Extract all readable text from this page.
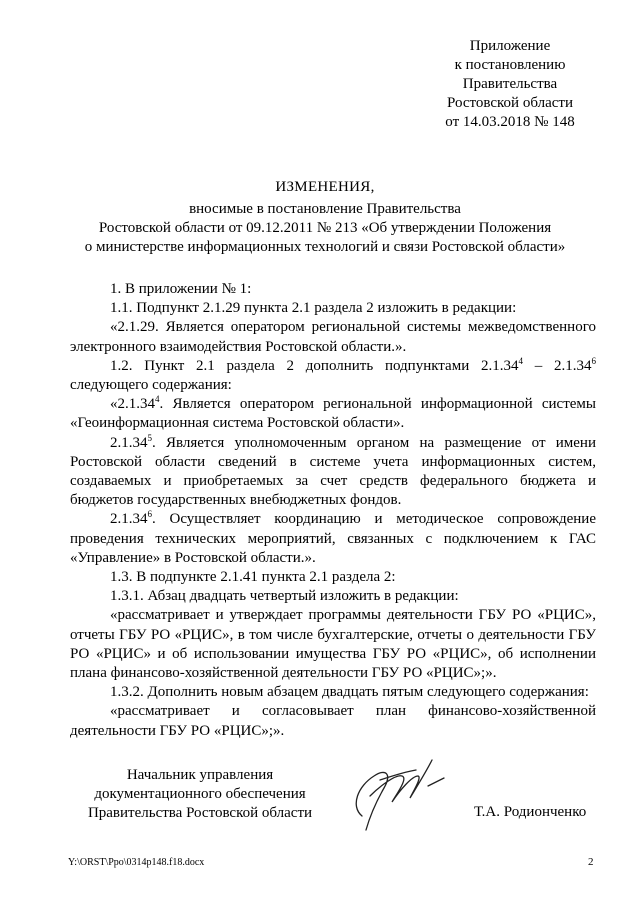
Приложение
к постановлению
Правительства
Ростовской области
от 14.03.2018 № 148
ИЗМЕНЕНИЯ,
вносимые в постановление Правительства
Ростовской области от 09.12.2011 № 213 «Об утверждении Положения
о министерстве информационных технологий и связи Ростовской области»

1. В приложении № 1:

1.1. Подпункт 2.1.29 пункта 2.1 раздела 2 изложить в редакции:

«2.1.29. Является оператором региональной системы межведомственного электронного взаимодействия Ростовской области.».

1.2. Пункт 2.1 раздела 2 дополнить подпунктами 2.1.34$^4$ – 2.1.34$^6$ следующего содержания:

«2.1.34$^4$. Является оператором региональной информационной системы «Геоинформационная система Ростовской области».

2.1.34$^5$. Является уполномоченным органом на размещение от имени Ростовской области сведений в системе учета информационных систем, создаваемых и приобретаемых за счет средств федерального бюджета и бюджетов государственных внебюджетных фондов.

2.1.34$^6$. Осуществляет координацию и методическое сопровождение проведения технических мероприятий, связанных с подключением к ГАС «Управление» в Ростовской области.».

1.3. В подпункте 2.1.41 пункта 2.1 раздела 2:

1.3.1. Абзац двадцать четвертый изложить в редакции:

«рассматривает и утверждает программы деятельности ГБУ РО «РЦИС», отчеты ГБУ РО «РЦИС», в том числе бухгалтерские, отчеты о деятельности ГБУ РО «РЦИС» и об использовании имущества ГБУ РО «РЦИС», об исполнении плана финансово-хозяйственной деятельности ГБУ РО «РЦИС»;».

1.3.2. Дополнить новым абзацем двадцать пятым следующего содержания:

«рассматривает и согласовывает план финансово-хозяйственной деятельности ГБУ РО «РЦИС»;».

Начальник управления
документационного обеспечения
Правительства Ростовской области	Т.А. Родионченко
Y:\ORST\Ppo\0314p148.f18.docx	2
